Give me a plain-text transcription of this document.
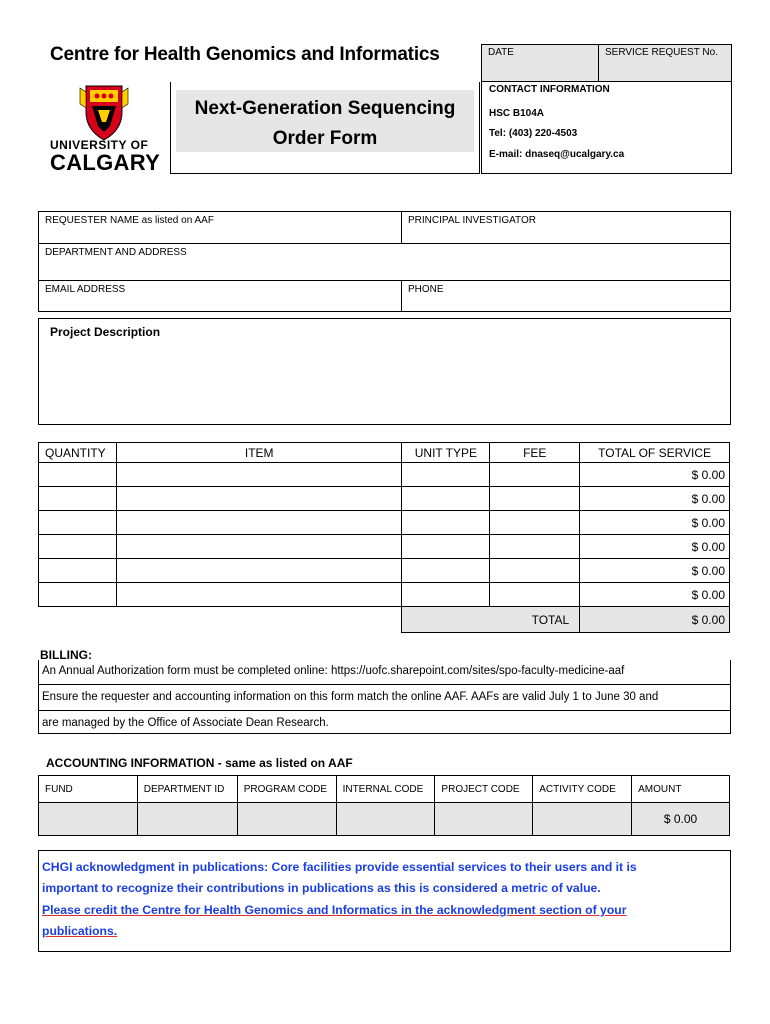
Centre for Health Genomics and Informatics
UNIVERSITY OF
CALGARY
Next-Generation Sequencing
Order Form
DATE	SERVICE REQUEST No.
CONTACT INFORMATION
HSC B104A
Tel: (403) 220-4503
E-mail: dnaseq@ucalgary.ca
REQUESTER NAME as listed on AAF	PRINCIPAL INVESTIGATOR
DEPARTMENT AND ADDRESS
EMAIL ADDRESS	PHONE
Project Description
QUANTITY	ITEM	UNIT TYPE	FEE	TOTAL OF SERVICE
				$ 0.00
				$ 0.00
				$ 0.00
				$ 0.00
				$ 0.00
				$ 0.00
		TOTAL		$ 0.00
BILLING:
An Annual Authorization form must be completed online: https://uofc.sharepoint.com/sites/spo-faculty-medicine-aaf
Ensure the requester and accounting information on this form match the online AAF. AAFs are valid July 1 to June 30 and
are managed by the Office of Associate Dean Research.
ACCOUNTING INFORMATION - same as listed on AAF
FUND	DEPARTMENT ID	PROGRAM CODE	INTERNAL CODE	PROJECT CODE	ACTIVITY CODE	AMOUNT
						$ 0.00
CHGI acknowledgment in publications: Core facilities provide essential services to their users and it is
important to recognize their contributions in publications as this is considered a metric of value.
Please credit the Centre for Health Genomics and Informatics in the acknowledgment section of your
publications.
